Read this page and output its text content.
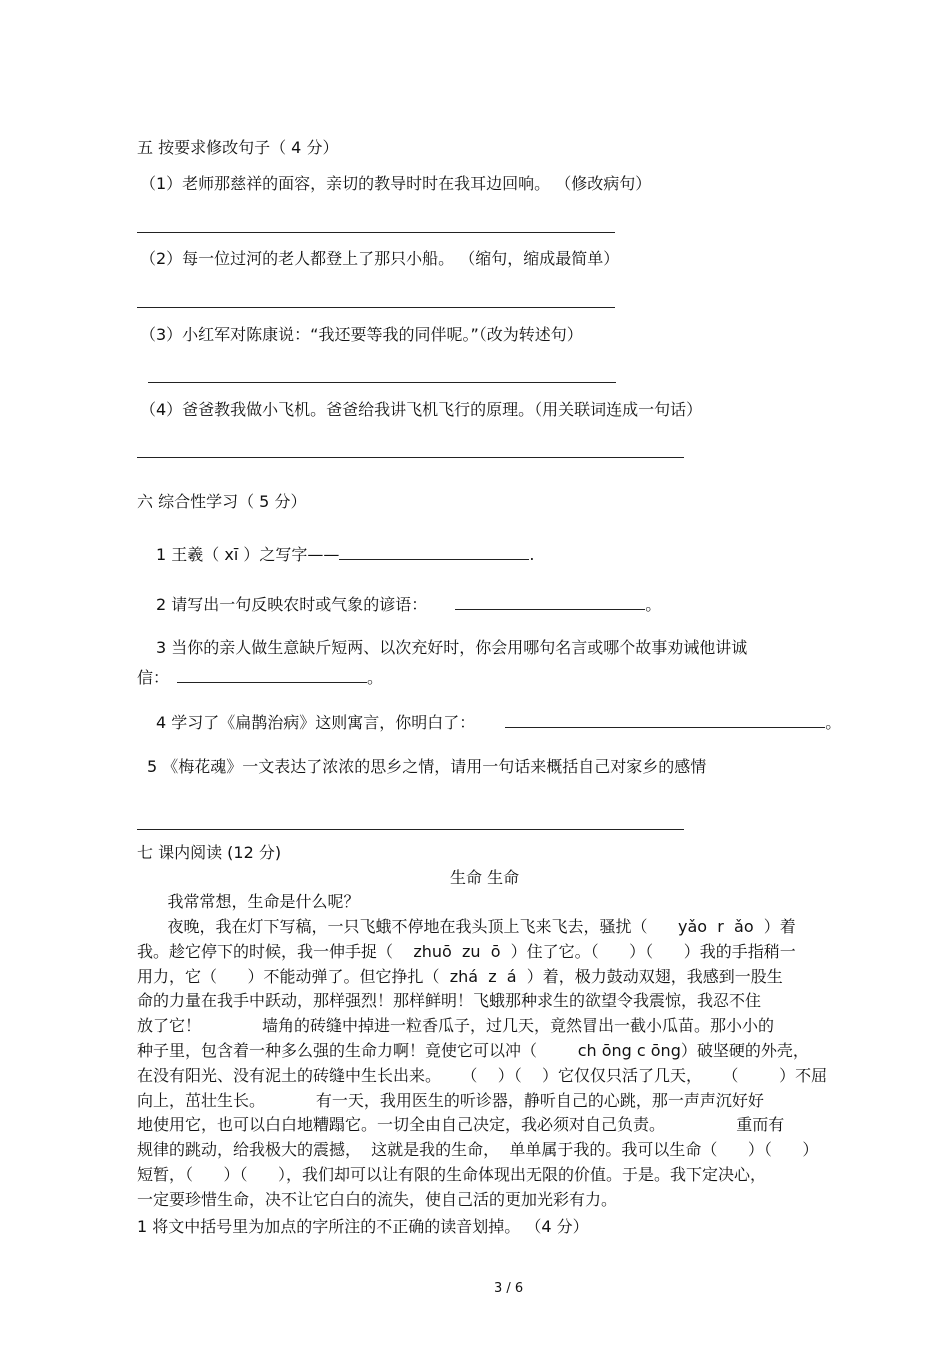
五 按要求修改句子（ 4 分）
（1）老师那慈祥的面容，亲切的教导时时在我耳边回响。 （修改病句）
（2）每一位过河的老人都登上了那只小船。 （缩句，缩成最简单）
（3）小红军对陈康说：“我还要等我的同伴呢。”（改为转述句）
（4）爸爸教我做小飞机。爸爸给我讲飞机飞行的原理。（用关联词连成一句话）
六 综合性学习（ 5 分）
1 王羲（ xī ）之写字——	.
2 请写出一句反映农时或气象的谚语：	。
3 当你的亲人做生意缺斤短两、以次充好时，你会用哪句名言或哪个故事劝诫他讲诚
信：	。
4 学习了《扁鹊治病》这则寓言，你明白了：	。
5 《梅花魂》一文表达了浓浓的思乡之情，请用一句话来概括自己对家乡的感情
七 课内阅读 (12 分)
生命 生命
我常常想，生命是什么呢？
夜晚，我在灯下写稿，一只飞蛾不停地在我头顶上飞来飞去，骚扰（      yǎo  r  ǎo  ）着
我。趁它停下的时候，我一伸手捉（    zhuō  zu  ō  ）住了它。（      ）（      ）我的手指稍一
用力，它（      ）不能动弹了。但它挣扎（  zhá  z  á  ）着，极力鼓动双翅，我感到一股生
命的力量在我手中跃动，那样强烈！那样鲜明！飞蛾那种求生的欲望令我震惊，我忍不住
放了它！            墙角的砖缝中掉进一粒香瓜子，过几天，竟然冒出一截小瓜苗。那小小的
种子里，包含着一种多么强的生命力啊！竟使它可以冲（        ch ōng c ōng）破坚硬的外壳，
在没有阳光、没有泥土的砖缝中生长出来。    （    ）（    ）它仅仅只活了几天，    （        ）不屈
向上，茁壮生长。          有一天，我用医生的听诊器，静听自己的心跳，那一声声沉好好
地使用它，也可以白白地糟蹋它。一切全由自己决定，我必须对自己负责。              重而有
规律的跳动，给我极大的震撼，  这就是我的生命，  单单属于我的。我可以生命（      ）（      ）
短暂，（      ）（      ），我们却可以让有限的生命体现出无限的价值。于是。我下定决心，
一定要珍惜生命，决不让它白白的流失，使自己活的更加光彩有力。
1 将文中括号里为加点的字所注的不正确的读音划掉。 （4 分）
3 / 6
